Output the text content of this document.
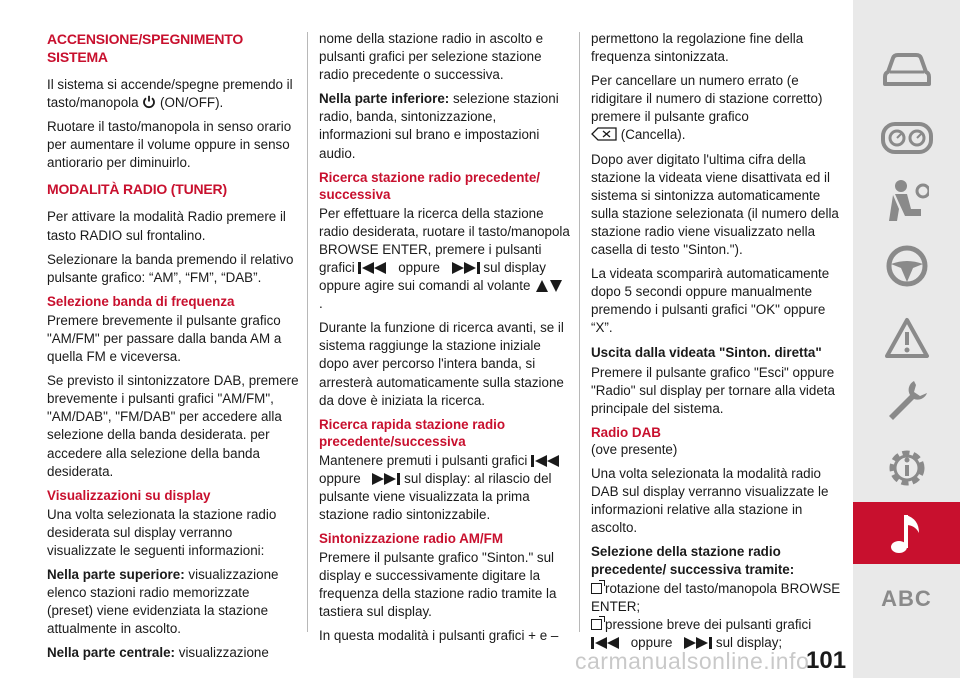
ACCENSIONE/SPEGNIMENTO SISTEMA

Il sistema si accende/spegne premendo il tasto/manopola (ON/OFF).

Ruotare il tasto/manopola in senso orario per aumentare il volume oppure in senso antiorario per diminuirlo.

MODALITÀ RADIO (TUNER)

Per attivare la modalità Radio premere il tasto RADIO sul frontalino.

Selezionare la banda premendo il relativo pulsante grafico: “AM”, “FM”, “DAB”.

Selezione banda di frequenza

Premere brevemente il pulsante grafico "AM/FM" per passare dalla banda AM a quella FM e viceversa.

Se previsto il sintonizzatore DAB, premere brevemente i pulsanti grafici "AM/FM", "AM/DAB", "FM/DAB" per accedere alla selezione della banda desiderata. per accedere alla selezione della banda desiderata.

Visualizzazioni su display

Una volta selezionata la stazione radio desiderata sul display verranno visualizzate le seguenti informazioni:

Nella parte superiore: visualizzazione elenco stazioni radio memorizzate (preset) viene evidenziata la stazione attualmente in ascolto.

Nella parte centrale: visualizzazione

nome della stazione radio in ascolto e pulsanti grafici per selezione stazione radio precedente o successiva.

Nella parte inferiore: selezione stazioni radio, banda, sintonizzazione, informazioni sul brano e impostazioni audio.

Ricerca stazione radio precedente/ successiva

Per effettuare la ricerca della stazione radio desiderata, ruotare il tasto/manopola BROWSE ENTER, premere i pulsanti grafici	oppure	sul display oppure agire sui comandi al volante  .

Durante la funzione di ricerca avanti, se il sistema raggiunge la stazione iniziale dopo aver percorso l'intera banda, si arresterà automaticamente sulla stazione da dove è iniziata la ricerca.

Ricerca rapida stazione radio precedente/successiva

Mantenere premuti i pulsanti grafici  oppure	sul display: al rilascio del pulsante viene visualizzata la prima stazione radio sintonizzabile.

Sintonizzazione radio AM/FM

Premere il pulsante grafico "Sinton." sul display e successivamente digitare la frequenza della stazione radio tramite la tastiera sul display.

In questa modalità i pulsanti grafici + e –

permettono la regolazione fine della frequenza sintonizzata.

Per cancellare un numero errato (e ridigitare il numero di stazione corretto) premere il pulsante grafico
(Cancella).

Dopo aver digitato l'ultima cifra della stazione la videata viene disattivata ed il sistema si sintonizza automaticamente sulla stazione selezionata (il numero della stazione radio viene visualizzato nella casella di testo "Sinton.").

La videata scomparirà automaticamente dopo 5 secondi oppure manualmente premendo i pulsanti grafici "OK" oppure “X”.

Uscita dalla videata "Sinton. diretta"

Premere il pulsante grafico "Esci" oppure "Radio" sul display per tornare alla videta principale del sistema.

Radio DAB

(ove presente)

Una volta selezionata la modalità radio DAB sul display verranno visualizzate le informazioni relative alla stazione in ascolto.

Selezione della stazione radio precedente/ successiva tramite:

rotazione del tasto/manopola BROWSE ENTER;
pressione breve dei pulsanti grafici
oppure	sul display;
carmanualsonline.info
101
ABC
